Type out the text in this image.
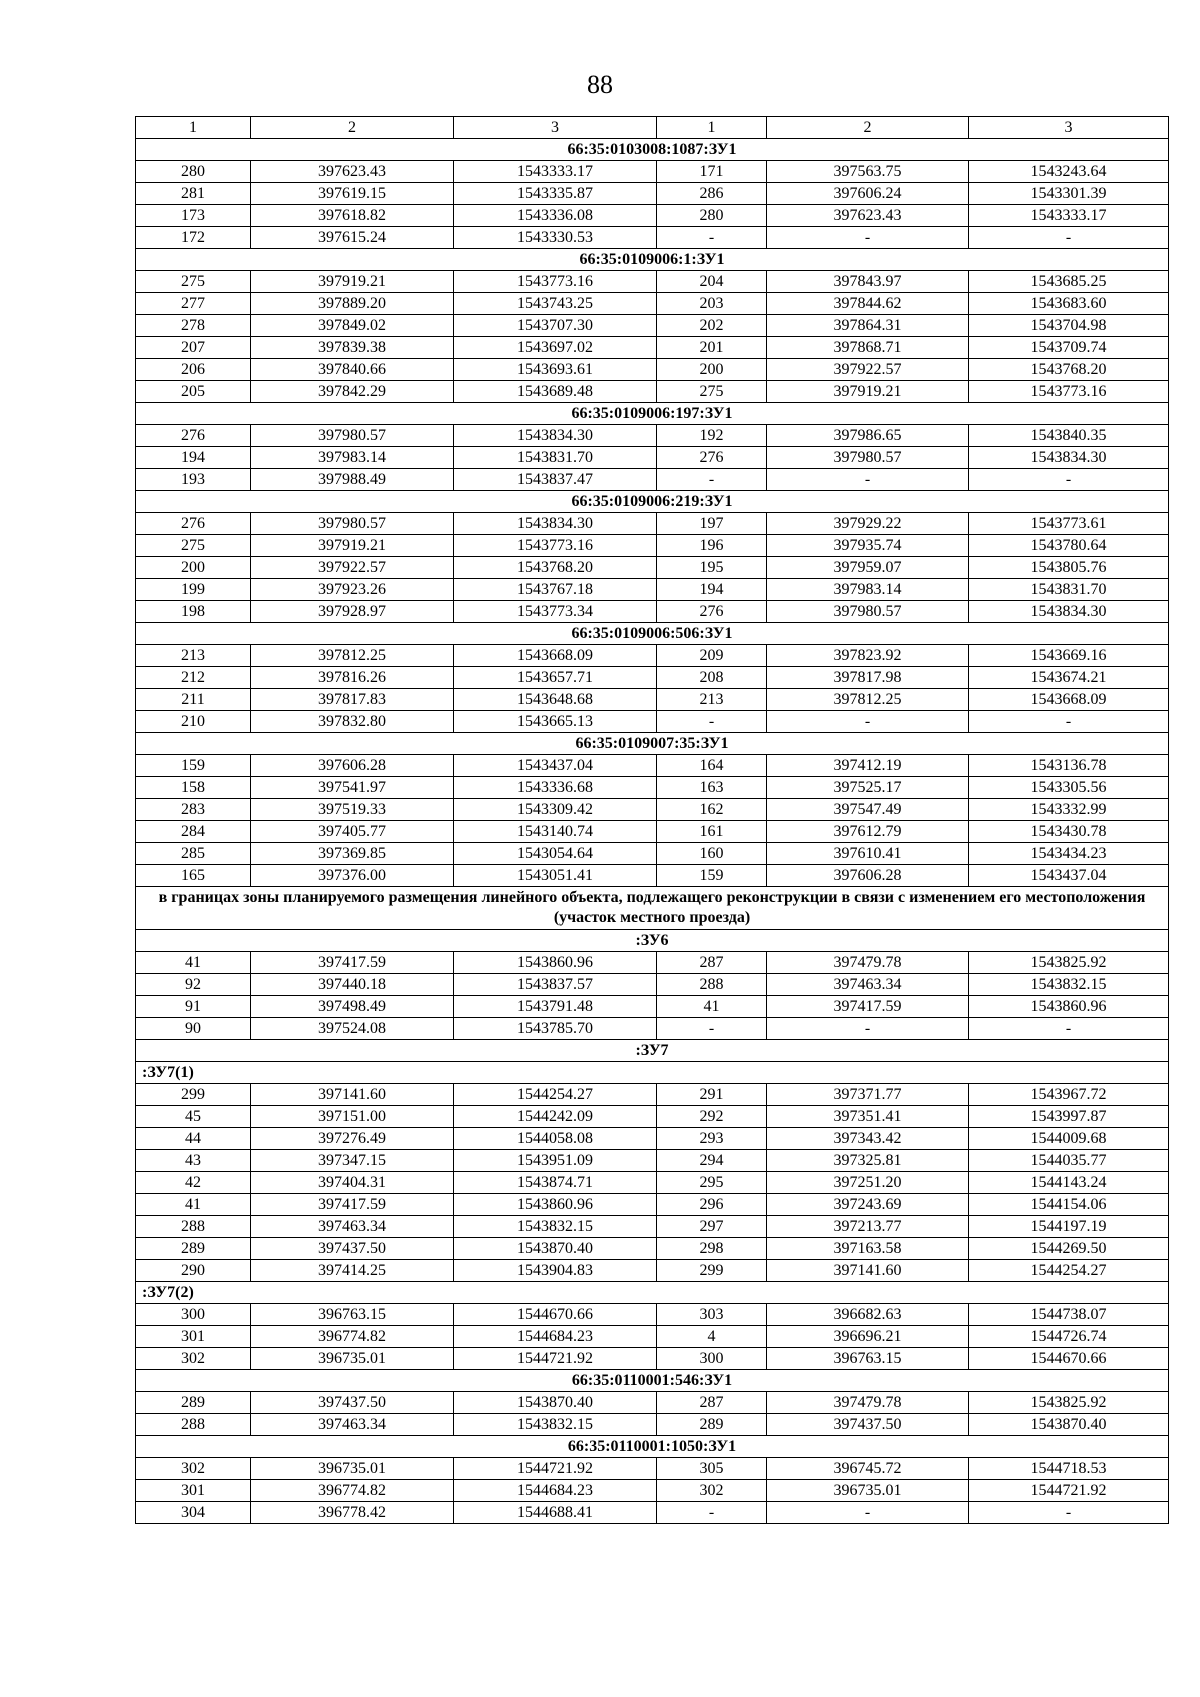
88
1	2	3	1	2	3
66:35:0103008:1087:ЗУ1					
280	397623.43	1543333.17	171	397563.75	1543243.64
281	397619.15	1543335.87	286	397606.24	1543301.39
173	397618.82	1543336.08	280	397623.43	1543333.17
172	397615.24	1543330.53	-	-	-
66:35:0109006:1:ЗУ1					
275	397919.21	1543773.16	204	397843.97	1543685.25
277	397889.20	1543743.25	203	397844.62	1543683.60
278	397849.02	1543707.30	202	397864.31	1543704.98
207	397839.38	1543697.02	201	397868.71	1543709.74
206	397840.66	1543693.61	200	397922.57	1543768.20
205	397842.29	1543689.48	275	397919.21	1543773.16
66:35:0109006:197:ЗУ1					
276	397980.57	1543834.30	192	397986.65	1543840.35
194	397983.14	1543831.70	276	397980.57	1543834.30
193	397988.49	1543837.47	-	-	-
66:35:0109006:219:ЗУ1					
276	397980.57	1543834.30	197	397929.22	1543773.61
275	397919.21	1543773.16	196	397935.74	1543780.64
200	397922.57	1543768.20	195	397959.07	1543805.76
199	397923.26	1543767.18	194	397983.14	1543831.70
198	397928.97	1543773.34	276	397980.57	1543834.30
66:35:0109006:506:ЗУ1					
213	397812.25	1543668.09	209	397823.92	1543669.16
212	397816.26	1543657.71	208	397817.98	1543674.21
211	397817.83	1543648.68	213	397812.25	1543668.09
210	397832.80	1543665.13	-	-	-
66:35:0109007:35:ЗУ1					
159	397606.28	1543437.04	164	397412.19	1543136.78
158	397541.97	1543336.68	163	397525.17	1543305.56
283	397519.33	1543309.42	162	397547.49	1543332.99
284	397405.77	1543140.74	161	397612.79	1543430.78
285	397369.85	1543054.64	160	397610.41	1543434.23
165	397376.00	1543051.41	159	397606.28	1543437.04
в границах зоны планируемого размещения линейного объекта, подлежащего реконструкции в связи с изменением его местоположения (участок местного проезда)					
:ЗУ6					
41	397417.59	1543860.96	287	397479.78	1543825.92
92	397440.18	1543837.57	288	397463.34	1543832.15
91	397498.49	1543791.48	41	397417.59	1543860.96
90	397524.08	1543785.70	-	-	-
:ЗУ7					
:ЗУ7(1)					
299	397141.60	1544254.27	291	397371.77	1543967.72
45	397151.00	1544242.09	292	397351.41	1543997.87
44	397276.49	1544058.08	293	397343.42	1544009.68
43	397347.15	1543951.09	294	397325.81	1544035.77
42	397404.31	1543874.71	295	397251.20	1544143.24
41	397417.59	1543860.96	296	397243.69	1544154.06
288	397463.34	1543832.15	297	397213.77	1544197.19
289	397437.50	1543870.40	298	397163.58	1544269.50
290	397414.25	1543904.83	299	397141.60	1544254.27
:ЗУ7(2)					
300	396763.15	1544670.66	303	396682.63	1544738.07
301	396774.82	1544684.23	4	396696.21	1544726.74
302	396735.01	1544721.92	300	396763.15	1544670.66
66:35:0110001:546:ЗУ1					
289	397437.50	1543870.40	287	397479.78	1543825.92
288	397463.34	1543832.15	289	397437.50	1543870.40
66:35:0110001:1050:ЗУ1					
302	396735.01	1544721.92	305	396745.72	1544718.53
301	396774.82	1544684.23	302	396735.01	1544721.92
304	396778.42	1544688.41	-	-	-
